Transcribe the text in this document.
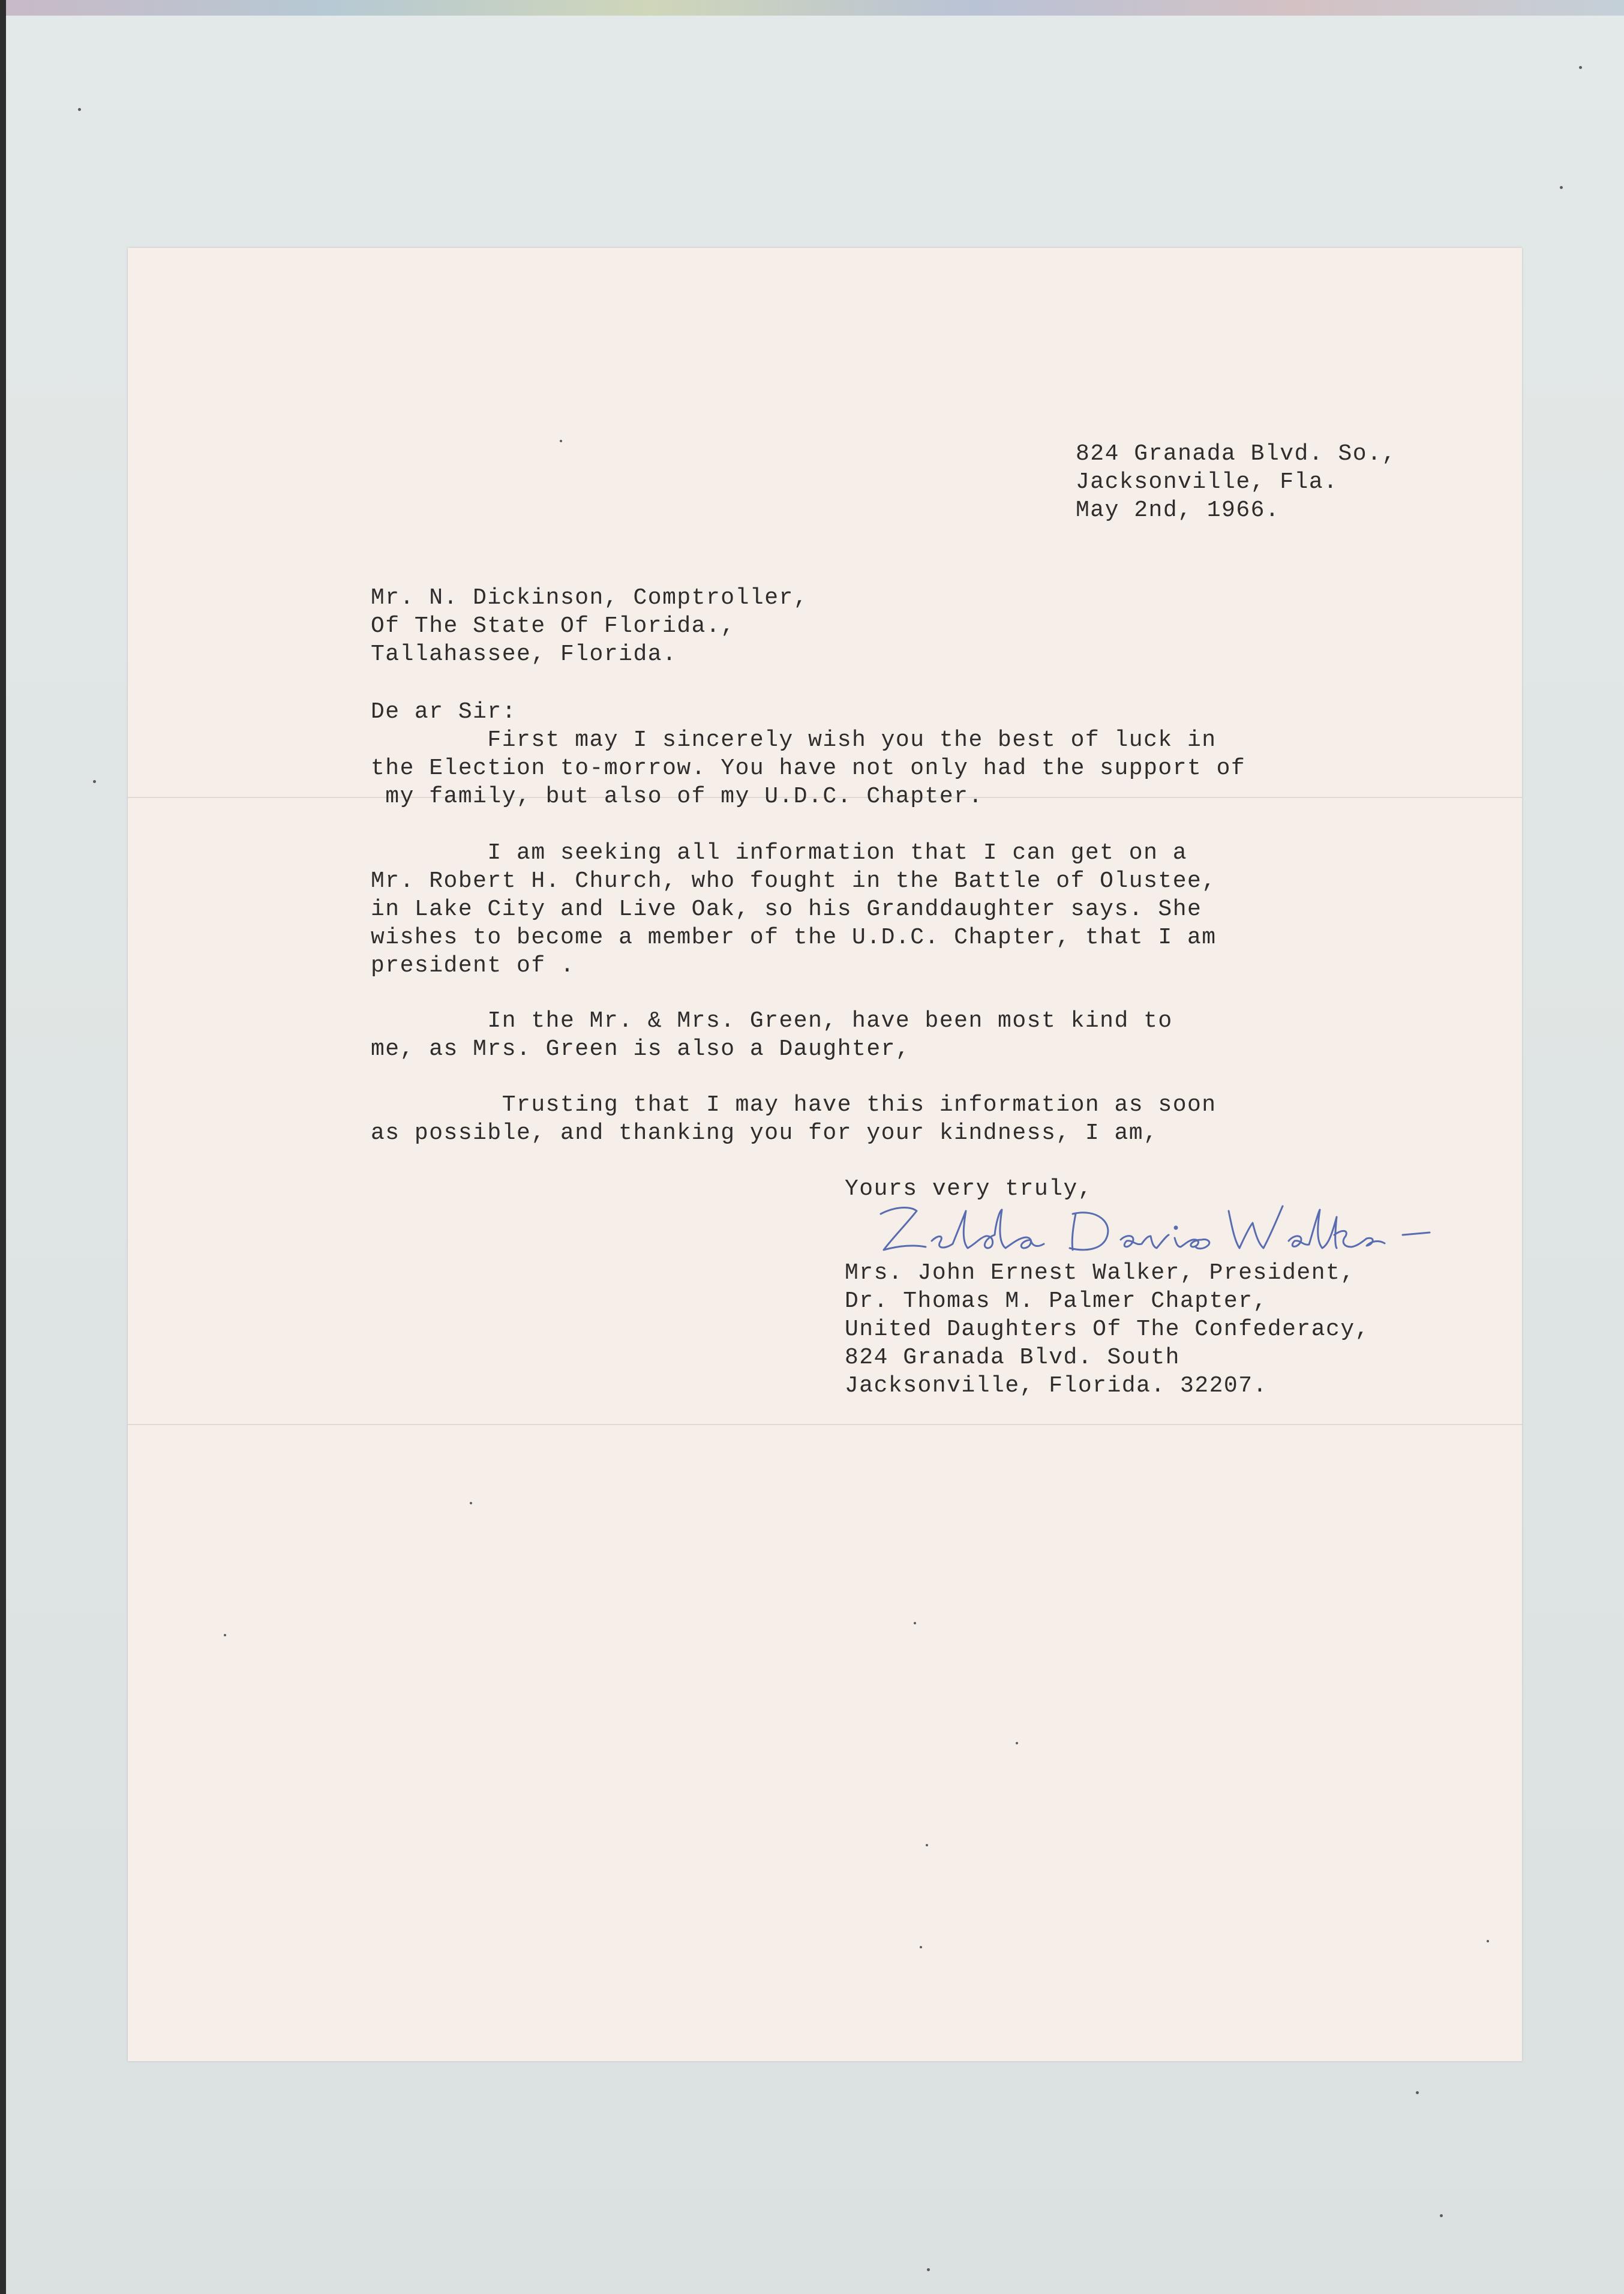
824 Granada Blvd. So.,

Jacksonville, Fla.

May 2nd, 1966.

Mr. N. Dickinson, Comptroller,

Of The State Of Florida.,

Tallahassee, Florida.

De ar Sir:

First may I sincerely wish you the best of luck in

the Election to-morrow. You have not only had the support of

my family, but also of my U.D.C. Chapter.

I am seeking all information that I can get on a

Mr. Robert H. Church, who fought in the Battle of Olustee,

in Lake City and Live Oak, so his Granddaughter says. She

wishes to become a member of the U.D.C. Chapter, that I am

president of .

In the Mr. & Mrs. Green, have been most kind to

me, as Mrs. Green is also a Daughter,

Trusting that I may have this information as soon

as possible, and thanking you for your kindness, I am,

Yours very truly,

Mrs. John Ernest Walker, President,

Dr. Thomas M. Palmer Chapter,

United Daughters Of The Confederacy,

824 Granada Blvd. South

Jacksonville, Florida. 32207.
